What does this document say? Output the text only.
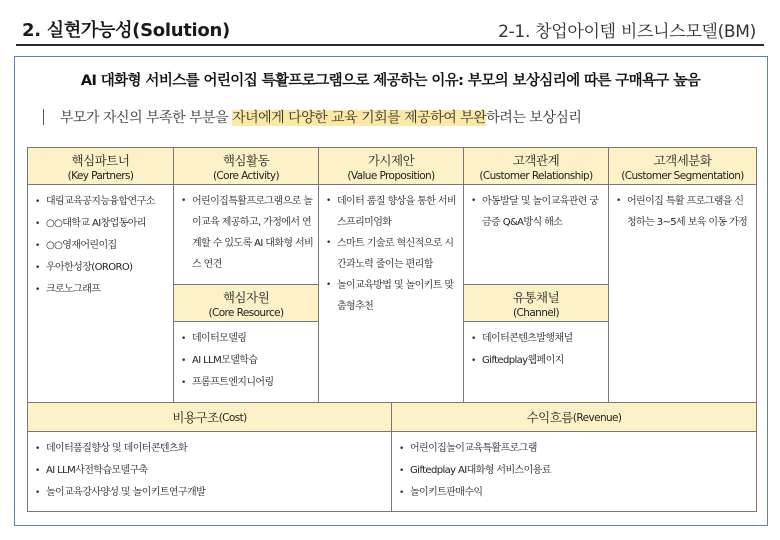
2. 실현가능성(Solution)	2-1. 창업아이템 비즈니스모델(BM)
AI 대화형 서비스를 어린이집 특활프로그램으로 제공하는 이유: 부모의 보상심리에 따른 구매욕구 높음
부모가 자신의 부족한 부분을 자녀에게 다양한 교육 기회를 제공하여 부완하려는 보상심리
핵심파트너
(Key Partners)
• 대림교육공지능융합연구소
• ○○대학교 AI창업동아리
• ○○영재어린이집
• 우아한성장(ORORO)
• 크로노그래프
핵심활동
(Core Activity)
• 어린이집특활프로그램으로 놀이교육 제공하고, 가정에서 연계할 수 있도록 AI 대화형 서비스 연견
핵심자원
(Core Resource)
• 데이터모델링
• AI LLM모델학습
• 프롬프트엔지니어링
가시제안
(Value Proposition)
• 데이터 품질 향상을 통한 서비스프리미엄화
• 스마트 기술로 혁신적으로 시간과노력 줄이는 편리함
• 놀이교육방법 및 놀이키트 맞춤형추천
고객관계
(Customer Relationship)
• 아동발달 및 놀이교육관련 궁금증 Q&A방식 해소
유통채널
(Channel)
• 데이터콘텐츠발행채널
• Giftedplay웹페이지
고객세분화
(Customer Segmentation)
• 어린이집 특활 프로그램을 신청하는 3~5세 보육 이동 가정
비용구조 (Cost)
• 데이터품질향상 및 데이터콘텐츠화
• AI LLM사전학습모델구축
• 놀이교육강사양성 및 놀이키트연구개발
수익흐름 (Revenue)
• 어린이집놀이교육특활프로그램
• Giftedplay AI대화형 서비스이용료
• 놀이키트판매수익
